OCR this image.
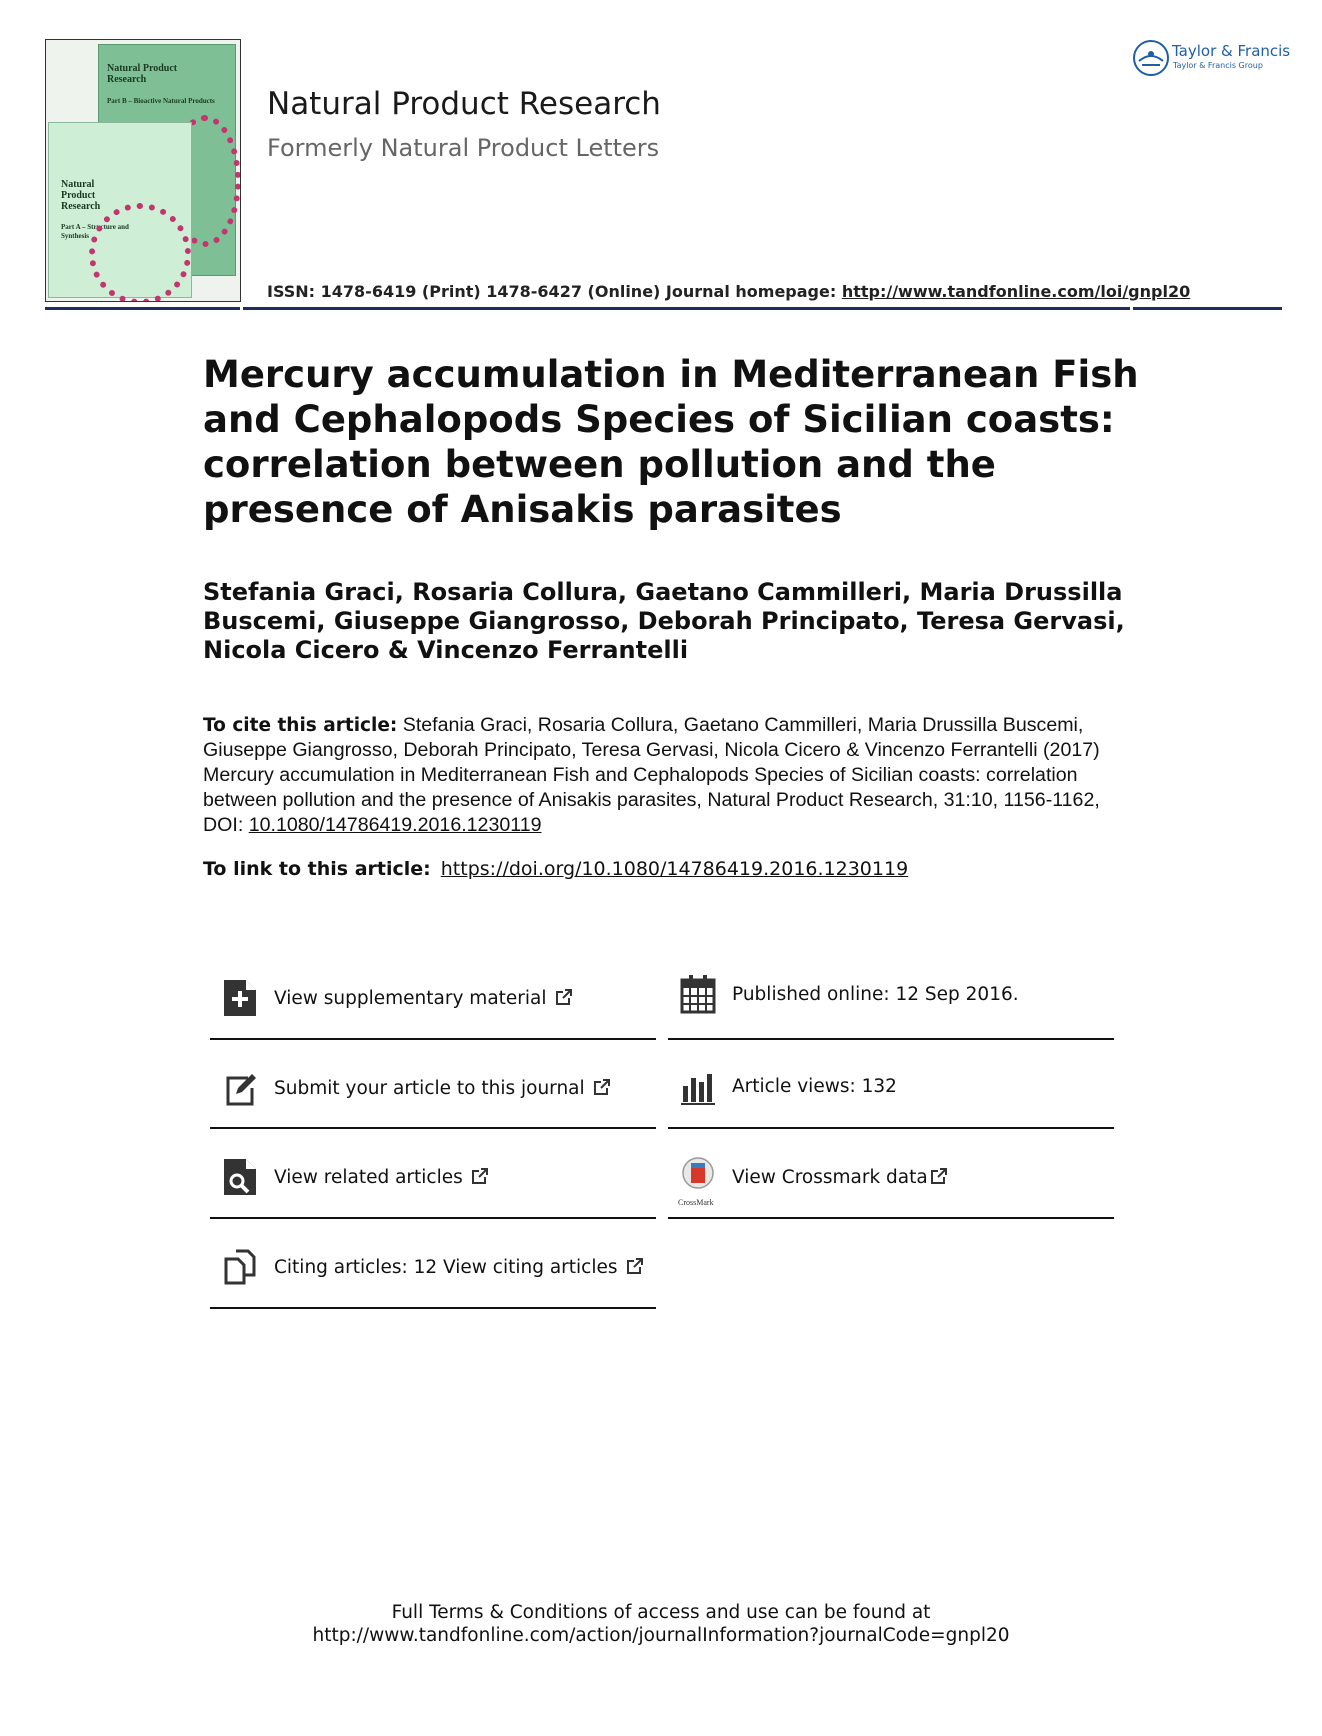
Natural Product Research
Part B – Bioactive Natural Products
Natural Product Research
Part A – Structure and Synthesis
Natural Product Research
Formerly Natural Product Letters
ISSN: 1478-6419 (Print) 1478-6427 (Online) Journal homepage: http://www.tandfonline.com/loi/gnpl20
Taylor & Francis
Taylor & Francis Group
Mercury accumulation in Mediterranean Fish and Cephalopods Species of Sicilian coasts: correlation between pollution and the presence of Anisakis parasites
Stefania Graci, Rosaria Collura, Gaetano Cammilleri, Maria Drussilla Buscemi, Giuseppe Giangrosso, Deborah Principato, Teresa Gervasi, Nicola Cicero & Vincenzo Ferrantelli
To cite this article: Stefania Graci, Rosaria Collura, Gaetano Cammilleri, Maria Drussilla Buscemi, Giuseppe Giangrosso, Deborah Principato, Teresa Gervasi, Nicola Cicero & Vincenzo Ferrantelli (2017) Mercury accumulation in Mediterranean Fish and Cephalopods Species of Sicilian coasts: correlation between pollution and the presence of Anisakis parasites, Natural Product Research, 31:10, 1156-1162, DOI: 10.1080/14786419.2016.1230119
To link to this article: https://doi.org/10.1080/14786419.2016.1230119
View supplementary material
Submit your article to this journal
View related articles
Citing articles: 12 View citing articles
Published online: 12 Sep 2016.
Article views: 132
CrossMark
View Crossmark data
Full Terms & Conditions of access and use can be found at
http://www.tandfonline.com/action/journalInformation?journalCode=gnpl20
